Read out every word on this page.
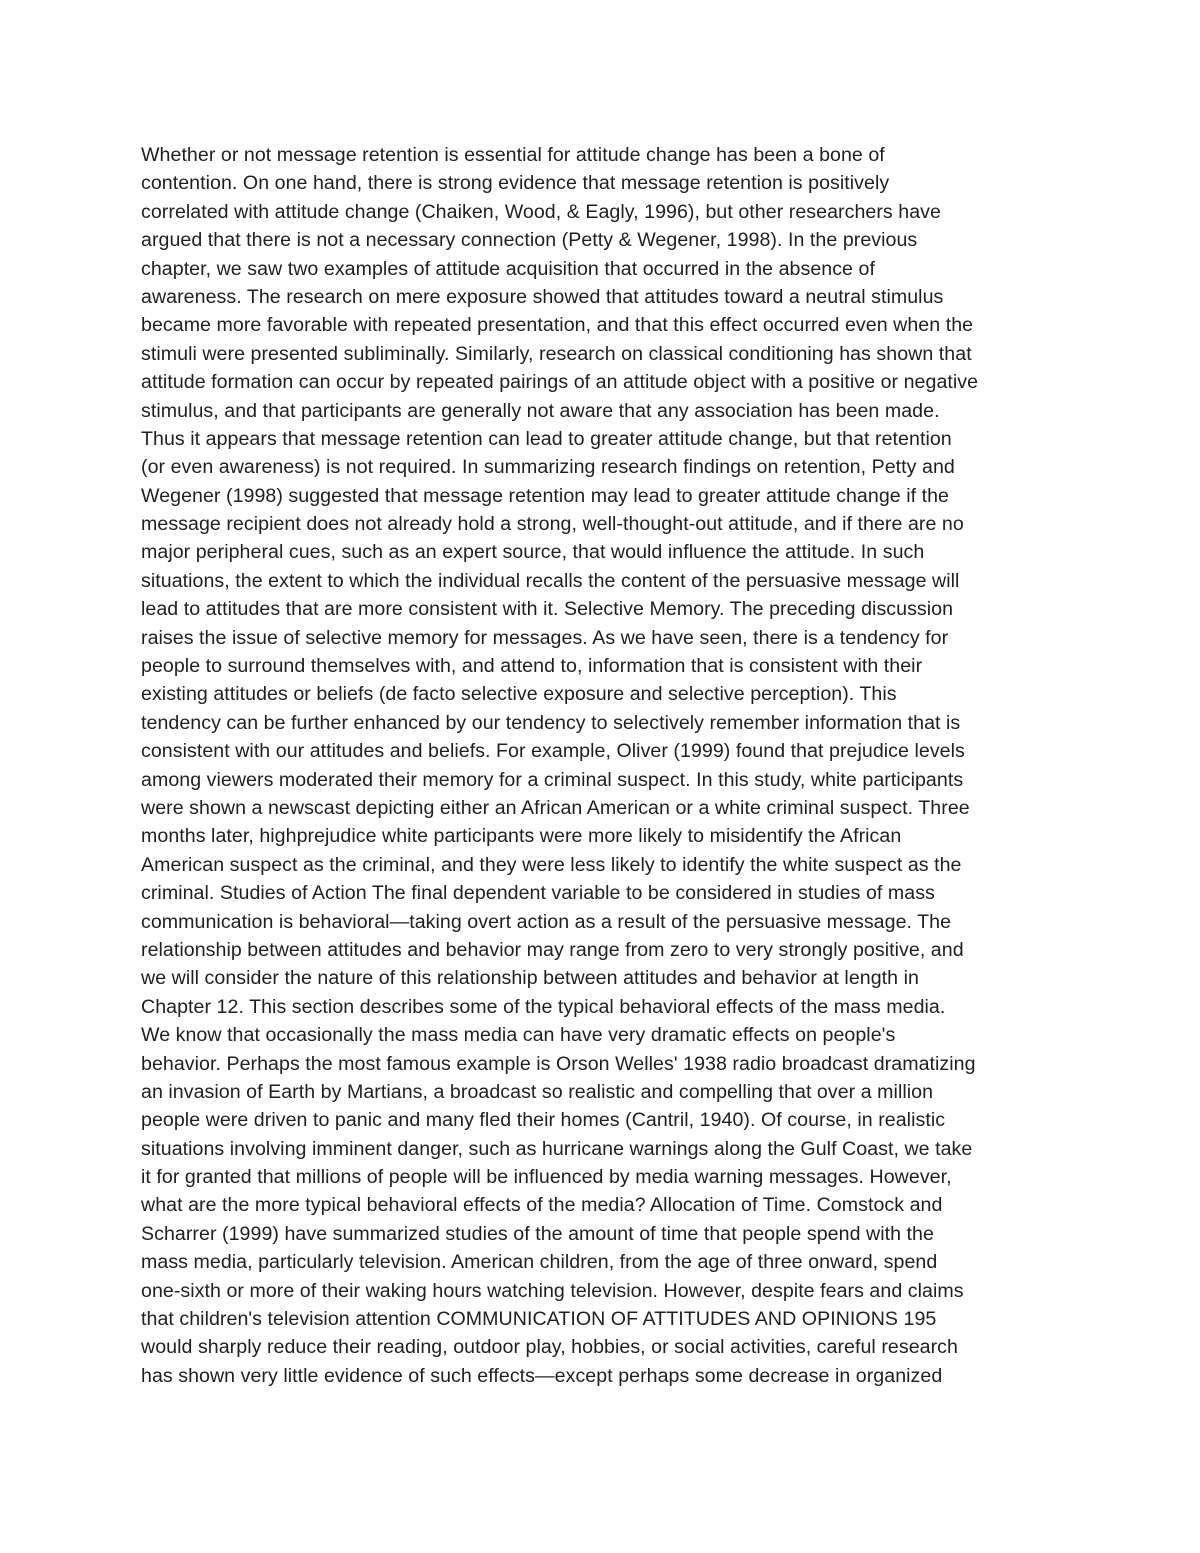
Whether or not message retention is essential for attitude change has been a bone of
contention. On one hand, there is strong evidence that message retention is positively
correlated with attitude change (Chaiken, Wood, & Eagly, 1996), but other researchers have
argued that there is not a necessary connection (Petty & Wegener, 1998). In the previous
chapter, we saw two examples of attitude acquisition that occurred in the absence of
awareness. The research on mere exposure showed that attitudes toward a neutral stimulus
became more favorable with repeated presentation, and that this effect occurred even when the
stimuli were presented subliminally. Similarly, research on classical conditioning has shown that
attitude formation can occur by repeated pairings of an attitude object with a positive or negative
stimulus, and that participants are generally not aware that any association has been made.
Thus it appears that message retention can lead to greater attitude change, but that retention
(or even awareness) is not required. In summarizing research findings on retention, Petty and
Wegener (1998) suggested that message retention may lead to greater attitude change if the
message recipient does not already hold a strong, well-thought-out attitude, and if there are no
major peripheral cues, such as an expert source, that would influence the attitude. In such
situations, the extent to which the individual recalls the content of the persuasive message will
lead to attitudes that are more consistent with it. Selective Memory. The preceding discussion
raises the issue of selective memory for messages. As we have seen, there is a tendency for
people to surround themselves with, and attend to, information that is consistent with their
existing attitudes or beliefs (de facto selective exposure and selective perception). This
tendency can be further enhanced by our tendency to selectively remember information that is
consistent with our attitudes and beliefs. For example, Oliver (1999) found that prejudice levels
among viewers moderated their memory for a criminal suspect. In this study, white participants
were shown a newscast depicting either an African American or a white criminal suspect. Three
months later, highprejudice white participants were more likely to misidentify the African
American suspect as the criminal, and they were less likely to identify the white suspect as the
criminal. Studies of Action The final dependent variable to be considered in studies of mass
communication is behavioral—taking overt action as a result of the persuasive message. The
relationship between attitudes and behavior may range from zero to very strongly positive, and
we will consider the nature of this relationship between attitudes and behavior at length in
Chapter 12. This section describes some of the typical behavioral effects of the mass media.
We know that occasionally the mass media can have very dramatic effects on people's
behavior. Perhaps the most famous example is Orson Welles' 1938 radio broadcast dramatizing
an invasion of Earth by Martians, a broadcast so realistic and compelling that over a million
people were driven to panic and many fled their homes (Cantril, 1940). Of course, in realistic
situations involving imminent danger, such as hurricane warnings along the Gulf Coast, we take
it for granted that millions of people will be influenced by media warning messages. However,
what are the more typical behavioral effects of the media? Allocation of Time. Comstock and
Scharrer (1999) have summarized studies of the amount of time that people spend with the
mass media, particularly television. American children, from the age of three onward, spend
one-sixth or more of their waking hours watching television. However, despite fears and claims
that children's television attention COMMUNICATION OF ATTITUDES AND OPINIONS 195
would sharply reduce their reading, outdoor play, hobbies, or social activities, careful research
has shown very little evidence of such effects—except perhaps some decrease in organized
